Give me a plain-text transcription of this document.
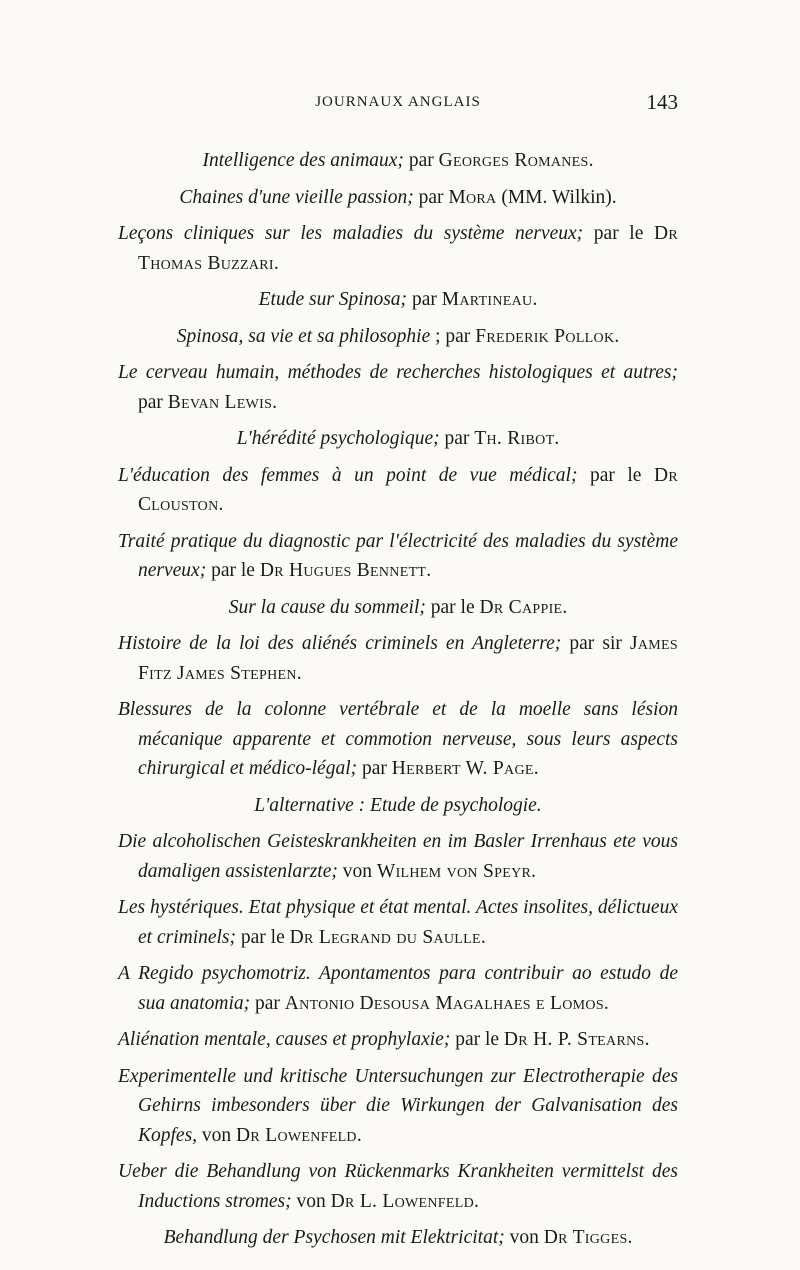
JOURNAUX ANGLAIS	143

Intelligence des animaux; par Georges Romanes.

Chaines d'une vieille passion; par Mora (MM. Wilkin).

Leçons cliniques sur les maladies du système nerveux; par le Dr Thomas Buzzari.

Etude sur Spinosa; par Martineau.

Spinosa, sa vie et sa philosophie ; par Frederik Pollok.

Le cerveau humain, méthodes de recherches histologiques et autres; par Bevan Lewis.

L'hérédité psychologique; par Th. Ribot.

L'éducation des femmes à un point de vue médical; par le Dr Clouston.

Traité pratique du diagnostic par l'électricité des maladies du système nerveux; par le Dr Hugues Bennett.

Sur la cause du sommeil; par le Dr Cappie.

Histoire de la loi des aliénés criminels en Angleterre; par sir James Fitz James Stephen.

Blessures de la colonne vertébrale et de la moelle sans lésion mécanique apparente et commotion nerveuse, sous leurs aspects chirurgical et médico-légal; par Herbert W. Page.

L'alternative : Etude de psychologie.

Die alcoholischen Geisteskrankheiten en im Basler Irrenhaus ete vous damaligen assistenlarzte; von Wilhem von Speyr.

Les hystériques. Etat physique et état mental. Actes insolites, délictueux et criminels; par le Dr Legrand du Saulle.

A Regido psychomotriz. Apontamentos para contribuir ao estudo de sua anatomia; par Antonio Desousa Magalhaes e Lomos.

Aliénation mentale, causes et prophylaxie; par le Dr H. P. Stearns.

Experimentelle und kritische Untersuchungen zur Electrotherapie des Gehirns imbesonders über die Wirkungen der Galvanisation des Kopfes, von Dr Lowenfeld.

Ueber die Behandlung von Rückenmarks Krankheiten vermittelst des Inductions stromes; von Dr L. Lowenfeld.

Behandlung der Psychosen mit Elektricitat; von Dr Tigges.
